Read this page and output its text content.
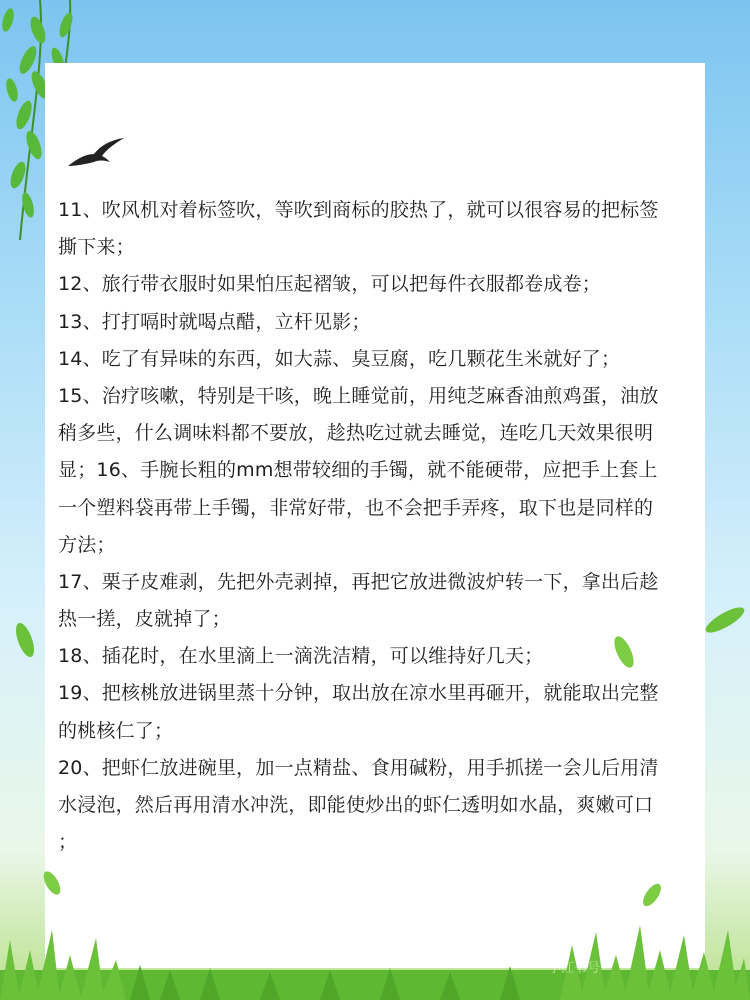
11、吹风机对着标签吹，等吹到商标的胶热了，就可以很容易的把标签
撕下来；
12、旅行带衣服时如果怕压起褶皱，可以把每件衣服都卷成卷；
13、打打嗝时就喝点醋，立杆见影；
14、吃了有异味的东西，如大蒜、臭豆腐，吃几颗花生米就好了；
15、治疗咳嗽，特别是干咳，晚上睡觉前，用纯芝麻香油煎鸡蛋，油放
稍多些，什么调味料都不要放，趁热吃过就去睡觉，连吃几天效果很明
显；16、手腕长粗的mm想带较细的手镯，就不能硬带，应把手上套上
一个塑料袋再带上手镯，非常好带，也不会把手弄疼，取下也是同样的
方法；
17、栗子皮难剥，先把外壳剥掉，再把它放进微波炉转一下，拿出后趁
热一搓，皮就掉了；
18、插花时，在水里滴上一滴洗洁精，可以维持好几天；
19、把核桃放进锅里蒸十分钟，取出放在凉水里再砸开，就能取出完整
的桃核仁了；
20、把虾仁放进碗里，加一点精盐、食用碱粉，用手抓搓一会儿后用清
水浸泡，然后再用清水冲洗，即能使炒出的虾仁透明如水晶，爽嫩可口
；
小红书号
